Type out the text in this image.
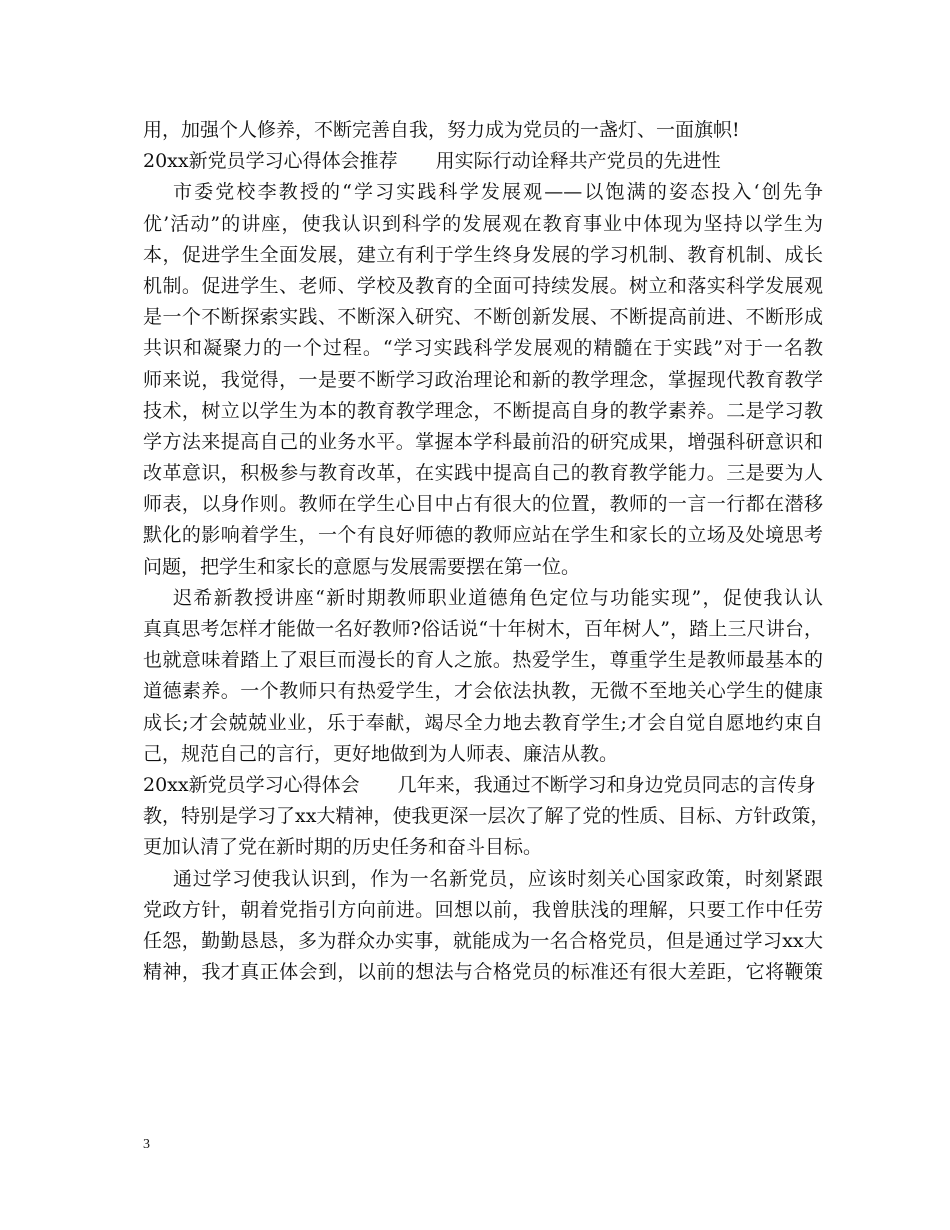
用，加强个人修养，不断完善自我，努力成为党员的一盏灯、一面旗帜!
20xx新党员学习心得体会推荐 用实际行动诠释共产党员的先进性
市委党校李教授的“学习实践科学发展观——以饱满的姿态投入‘创先争
优’活动”的讲座，使我认识到科学的发展观在教育事业中体现为坚持以学生为
本，促进学生全面发展，建立有利于学生终身发展的学习机制、教育机制、成长
机制。促进学生、老师、学校及教育的全面可持续发展。树立和落实科学发展观
是一个不断探索实践、不断深入研究、不断创新发展、不断提高前进、不断形成
共识和凝聚力的一个过程。“学习实践科学发展观的精髓在于实践”对于一名教
师来说，我觉得，一是要不断学习政治理论和新的教学理念，掌握现代教育教学
技术，树立以学生为本的教育教学理念，不断提高自身的教学素养。二是学习教
学方法来提高自己的业务水平。掌握本学科最前沿的研究成果，增强科研意识和
改革意识，积极参与教育改革，在实践中提高自己的教育教学能力。三是要为人
师表，以身作则。教师在学生心目中占有很大的位置，教师的一言一行都在潜移
默化的影响着学生，一个有良好师德的教师应站在学生和家长的立场及处境思考
问题，把学生和家长的意愿与发展需要摆在第一位。
迟希新教授讲座“新时期教师职业道德角色定位与功能实现”，促使我认认
真真思考怎样才能做一名好教师?俗话说“十年树木，百年树人”，踏上三尺讲台，
也就意味着踏上了艰巨而漫长的育人之旅。热爱学生，尊重学生是教师最基本的
道德素养。一个教师只有热爱学生，才会依法执教，无微不至地关心学生的健康
成长;才会兢兢业业，乐于奉献，竭尽全力地去教育学生;才会自觉自愿地约束自
己，规范自己的言行，更好地做到为人师表、廉洁从教。
20xx新党员学习心得体会 几年来，我通过不断学习和身边党员同志的言传身
教，特别是学习了xx大精神，使我更深一层次了解了党的性质、目标、方针政策，
更加认清了党在新时期的历史任务和奋斗目标。
通过学习使我认识到，作为一名新党员，应该时刻关心国家政策，时刻紧跟
党政方针，朝着党指引方向前进。回想以前，我曾肤浅的理解，只要工作中任劳
任怨，勤勤恳恳，多为群众办实事，就能成为一名合格党员，但是通过学习xx大
精神，我才真正体会到，以前的想法与合格党员的标准还有很大差距，它将鞭策
3
